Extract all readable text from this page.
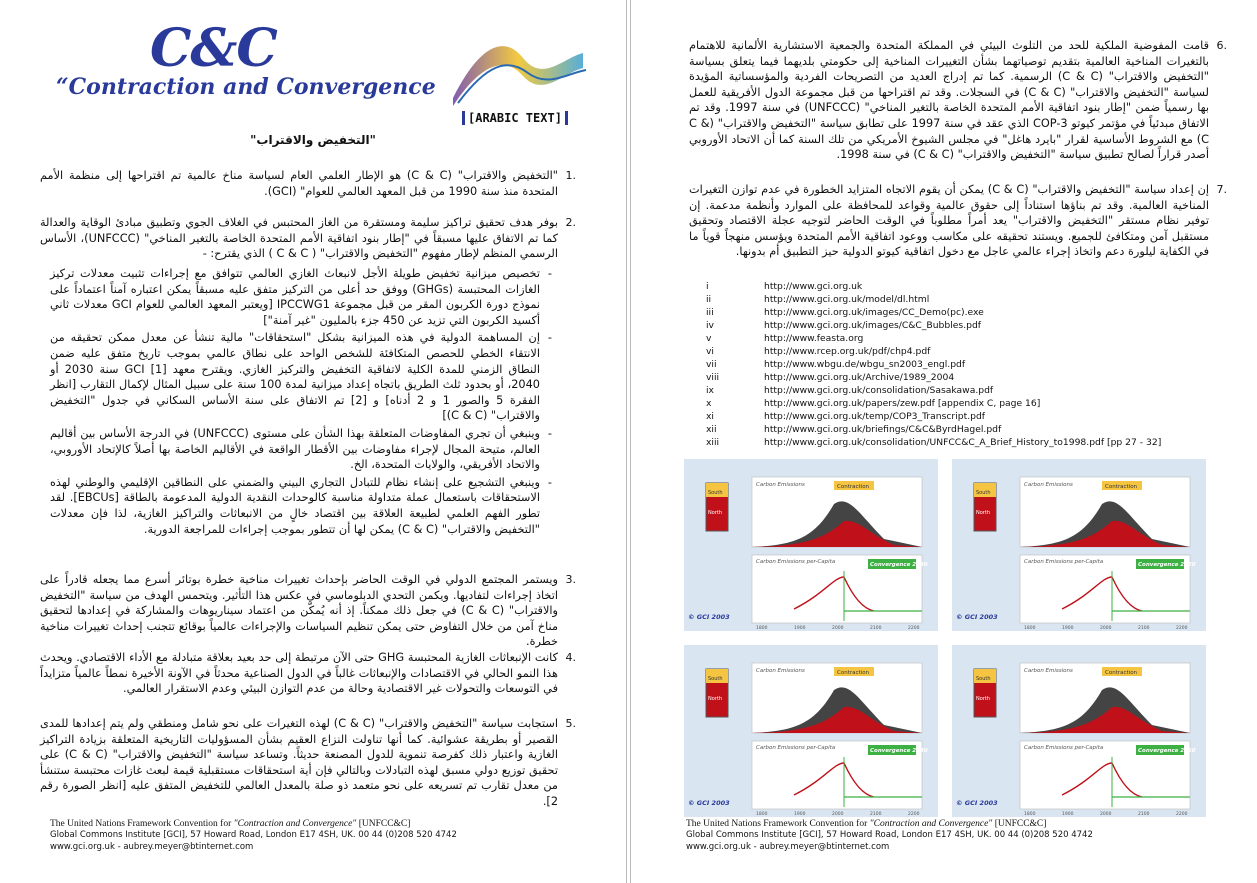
C&C
“Contraction and Convergence
[ARABIC TEXT]
"التخفيض والاقتراب"
1.
"التخفيض والاقتراب" (C & C) هو الإطار العلمي العام لسياسة مناخ عالمية تم اقتراحها إلى منظمة الأمم المتحدة منذ سنة 1990 من قبل المعهد العالمي للعوام" (GCI).
2.
بوفر هدف تحقيق تراكيز سليمة ومستقرة من الغاز المحتبس في الغلاف الجوي وتطبيق مبادئ الوقاية والعدالة كما تم الاتفاق عليها مسبقاً في "إطار بنود اتفاقية الأمم المتحدة الخاصة بالتغير المناخي" (UNFCCC)، الأساس الرسمي المنظم لإطار مفهوم "التخفيض والاقتراب" ( C & C ) الذي يقترح: -
- تخصيص ميزانية تخفيض طويلة الأجل لانبعاث الغازي العالمي تتوافق مع إجراءات تثبيت معدلات تركيز الغازات المحتبسة (GHGs) ووفق حد أعلى من التركيز متفق عليه مسبقاً يمكن اعتباره آمناً اعتماداً على نموذج دورة الكربون المقر من قبل مجموعة IPCCWG1 [ويعتبر المعهد العالمي للعوام GCI معدلات ثاني أكسيد الكربون التي تزيد عن 450 جزء بالمليون "غير آمنة"]
- إن المساهمة الدولية في هذه الميزانية بشكل "استحقاقات" مالية تنشأ عن معدل ممكن تحقيقه من الانتقاء الخطي للحصص المتكافئة للشخص الواحد على نطاق عالمي بموجب تاريخ متفق عليه ضمن النطاق الزمني للمدة الكلية لاتفاقية التخفيض والتركيز الغازي. ويقترح معهد GCI [1] سنة 2030 أو 2040، أو بحدود ثلث الطريق باتجاه إعداد ميزانية لمدة 100 سنة على سبيل المثال لإكمال التقارب [انظر الفقرة 5 والصور 1 و 2 أدناه] و [2] تم الاتفاق على سنة الأساس السكاني في جدول "التخفيض والاقتراب" (C & C)]
- وينبغي أن تجري المفاوضات المتعلقة بهذا الشأن على مستوى (UNFCCC) في الدرجة الأساس بين أقاليم العالم، متيحة المجال لإجراء مفاوضات بين الأقطار الواقعة في الأقاليم الخاصة بها أصلاً كالإتحاد الأوروبي، والاتحاد الأفريقي، والولايات المتحدة، الخ.
- وينبغي التشجيع على إنشاء نظام للتبادل التجاري البيني والضمني على النطاقين الإقليمي والوطني لهذه الاستحقاقات باستعمال عملة متداولة مناسبة كالوحدات النقدية الدولية المدعومة بالطاقة [EBCUs]. لقد تطور الفهم العلمي لطبيعة العلاقة بين اقتصاد خالٍ من الانبعاثات والتراكيز الغازية، لذا فإن معدلات "التخفيض والاقتراب" (C & C) يمكن لها أن تتطور بموجب إجراءات للمراجعة الدورية.
3.
ويستمر المجتمع الدولي في الوقت الحاضر بإحداث تغييرات مناخية خطرة بوتائر أسرع مما يجعله قادراً على اتخاذ إجراءات لتفاديها. ويكمن التحدي الدبلوماسي في عكس هذا التأثير. ويتحمس الهدف من سياسة "التخفيض والاقتراب" (C & C) في جعل ذلك ممكناً. إذ أنه يُمكّن من اعتماد سيناريوهات والمشاركة في إعدادها لتحقيق مناخ آمن من خلال التفاوض حتى يمكن تنظيم السياسات والإجراءات عالمياً بوقائع تتجنب إحداث تغييرات مناخية خطرة.
4.
كانت الإنبعاثات الغازية المحتبسة GHG حتى الآن مرتبطة إلى حد بعيد بعلاقة متبادلة مع الأداء الاقتصادي. ويحدث هذا النمو الحالي في الاقتصادات والإنبعاثات غالباً في الدول الصناعية محدثاً في الآونة الأخيرة نمطاً عالمياً متزايداً في التوسعات والتحولات غير الاقتصادية وحالة من عدم التوازن البيئي وعدم الاستقرار العالمي.
5.
استجابت سياسة "التخفيض والاقتراب" (C & C) لهذه التغيرات على نحو شامل ومنطقي ولم يتم إعدادها للمدى القصير أو بطريقة عشوائية. كما أنها تناولت النزاع العقيم بشأن المسؤوليات التاريخية المتعلقة بزيادة التراكيز الغازية واعتبار ذلك كفرصة تنموية للدول المصنعة حديثاً. وتساعد سياسة "التخفيض والاقتراب" (C & C) على تحقيق توزيع دولي مسبق لهذه التبادلات وبالتالي فإن أية استحقاقات مستقبلية قيمة لبعث غازات محتبسة ستنشأ من معدل تقارب تم تسريعه على نحو متعمد ذو صلة بالمعدل العالمي للتخفيض المتفق عليه [انظر الصورة رقم 2].
The United Nations Framework Convention for "Contraction and Convergence" [UNFCC&C]
Global Commons Institute [GCI], 57 Howard Road, London E17 4SH, UK. 00 44 (0)208 520 4742
www.gci.org.uk - aubrey.meyer@btinternet.com
6.
قامت المفوضية الملكية للحد من التلوث البيئي في المملكة المتحدة والجمعية الاستشارية الألمانية للاهتمام بالتغيرات المناخية العالمية بتقديم توصياتهما بشأن التغييرات المناخية إلى حكومتي بلديهما فيما يتعلق بسياسة "التخفيض والاقتراب" (C & C) الرسمية. كما تم إدراج العديد من التصريحات الفردية والمؤسساتية المؤيدة لسياسة "التخفيض والاقتراب" (C & C) في السجلات. وقد تم اقتراحها من قبل مجموعة الدول الأفريقية للعمل بها رسمياً ضمن "إطار بنود اتفاقية الأمم المتحدة الخاصة بالتغير المناخي" (UNFCCC) في سنة 1997. وقد تم الاتفاق مبدئياً في مؤتمر كيوتو COP-3 الذي عقد في سنة 1997 على تطابق سياسة "التخفيض والاقتراب" (C & C) مع الشروط الأساسية لقرار "بايرد هاغل" في مجلس الشيوخ الأمريكي من تلك السنة كما أن الاتحاد الأوروبي أصدر قراراً لصالح تطبيق سياسة "التخفيض والاقتراب" (C & C) في سنة 1998.
7.
إن إعداد سياسة "التخفيض والاقتراب" (C & C) يمكن أن يقوم الاتجاه المتزايد الخطورة في عدم توازن التغيرات المناخية العالمية. وقد تم بناؤها استناداً إلى حقوق عالمية وقواعد للمحافظة على الموارد وأنظمة مدعمة. إن توفير نظام مستقر "التخفيض والاقتراب" يعد أمراً مطلوباً في الوقت الحاضر لتوجيه عجلة الاقتصاد وتحقيق مستقبل آمن ومتكافئ للجميع. ويستند تحقيقه على مكاسب ووعود اتفاقية الأمم المتحدة ويؤسس منهجاً قوياً ما في الكفاية ليلورة دعم واتخاذ إجراء عالمي عاجل مع دخول اتفاقية كيوتو الدولية حيز التطبيق أم بدونها.
The United Nations Framework Convention for "Contraction and Convergence" [UNFCC&C]
Global Commons Institute [GCI], 57 Howard Road, London E17 4SH, UK. 00 44 (0)208 520 4742
www.gci.org.uk - aubrey.meyer@btinternet.com
i	http://www.gci.org.uk
ii	http://www.gci.org.uk/model/dl.html
iii	http://www.gci.org.uk/images/CC_Demo(pc).exe
iv	http://www.gci.org.uk/images/C&C_Bubbles.pdf
v	http://www.feasta.org
vi	http://www.rcep.org.uk/pdf/chp4.pdf
vii	http://www.wbgu.de/wbgu_sn2003_engl.pdf
viii	http://www.gci.org.uk/Archive/1989_2004
ix	http://www.gci.org.uk/consolidation/Sasakawa.pdf
x	http://www.gci.org.uk/papers/zew.pdf [appendix C, page 16]
xi	http://www.gci.org.uk/temp/COP3_Transcript.pdf
xii	http://www.gci.org.uk/briefings/C&C&ByrdHagel.pdf
xiii	http://www.gci.org.uk/consolidation/UNFCC&C_A_Brief_History_to1998.pdf [pp 27 - 32]
South
North
Carbon Emissions	Contraction
Carbon Emissions per-Capita	Convergence 2030
1800	1900	2000	2100	2200
© GCI 2003
South
North
Carbon Emissions	Contraction
Carbon Emissions per-Capita	Convergence 2020
1800	1900	2000	2100	2200
© GCI 2003
South
North
Carbon Emissions	Contraction
Carbon Emissions per-Capita	Convergence 2030
1800	1900	2000	2100	2200
© GCI 2003
South
North
Carbon Emissions	Contraction
Carbon Emissions per-Capita	Convergence 2050
1800	1900	2000	2100	2200
© GCI 2003
